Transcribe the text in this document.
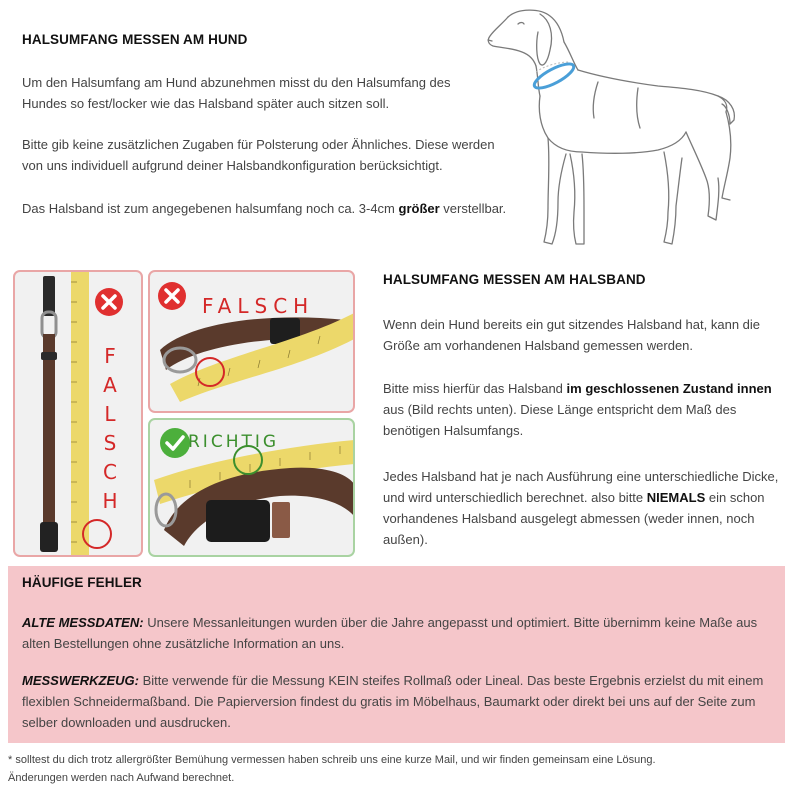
HALSUMFANG MESSEN AM HUND
Um den Halsumfang am Hund abzunehmen misst du den Halsumfang des Hundes so fest/locker wie das Halsband später auch sitzen soll.
Bitte gib keine zusätzlichen Zugaben für Polsterung oder Ähnliches. Diese werden von uns individuell aufgrund deiner Halsbandkonfiguration berücksichtigt.
Das Halsband ist zum angegebenen halsumfang noch ca. 3-4cm größer verstellbar.
F
A
L
S
C
H
FALSCH
RICHTIG
HALSUMFANG MESSEN AM HALSBAND
Wenn dein Hund bereits ein gut sitzendes Halsband hat, kann die Größe am vorhandenen Halsband gemessen werden.
Bitte miss hierfür das Halsband im geschlossenen Zustand innen aus (Bild rechts unten). Diese Länge entspricht dem Maß des benötigen Halsumfangs.
Jedes Halsband hat je nach Ausführung eine unterschiedliche Dicke, und wird unterschiedlich berechnet. also bitte NIEMALS ein schon vorhandenes Halsband ausgelegt abmessen (weder innen, noch außen).
HÄUFIGE FEHLER
ALTE MESSDATEN: Unsere Messanleitungen wurden über die Jahre angepasst und optimiert. Bitte übernimm keine Maße aus alten Bestellungen ohne zusätzliche Information an uns.
MESSWERKZEUG: Bitte verwende für die Messung KEIN steifes Rollmaß oder Lineal. Das beste Ergebnis erzielst du mit einem flexiblen Schneidermaßband. Die Papierversion findest du gratis im Möbelhaus, Baumarkt oder direkt bei uns auf der Seite zum selber downloaden und ausdrucken.
* solltest du dich trotz allergrößter Bemühung vermessen haben schreib uns eine kurze Mail, und wir finden gemeinsam eine Lösung.
Änderungen werden nach Aufwand berechnet.
